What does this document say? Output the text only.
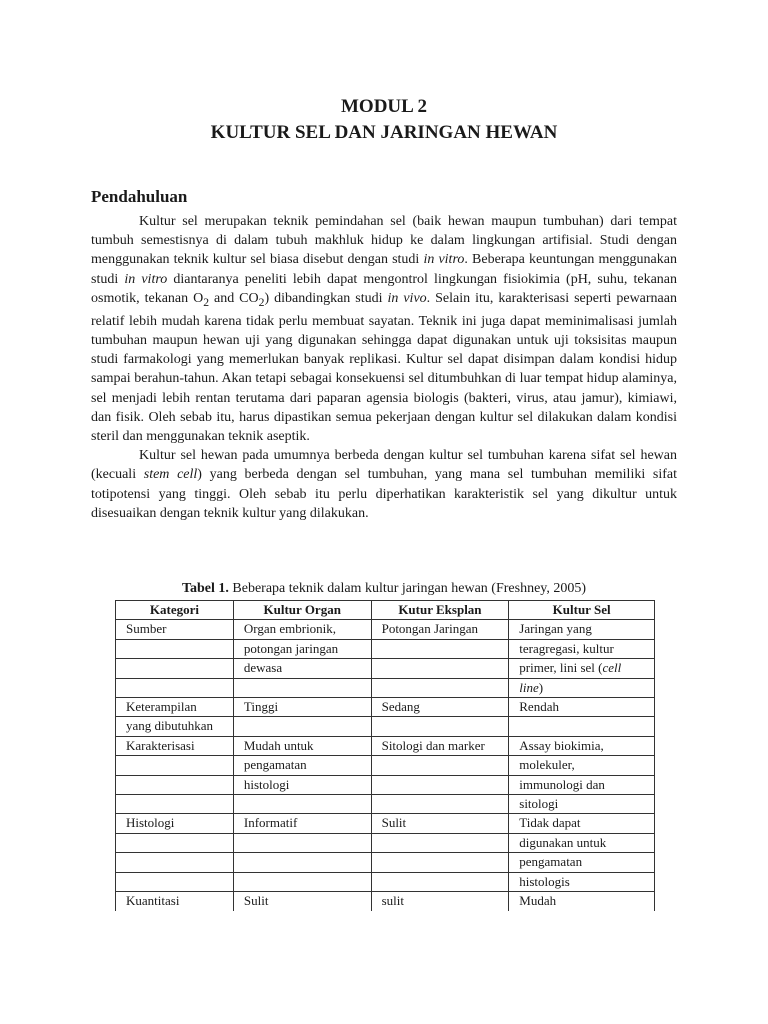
MODUL 2
KULTUR SEL DAN JARINGAN HEWAN
Pendahuluan

Kultur sel merupakan teknik pemindahan sel (baik hewan maupun tumbuhan) dari tempat tumbuh semestisnya di dalam tubuh makhluk hidup ke dalam lingkungan artifisial. Studi dengan menggunakan teknik kultur sel biasa disebut dengan studi in vitro. Beberapa keuntungan menggunakan studi in vitro diantaranya peneliti lebih dapat mengontrol lingkungan fisiokimia (pH, suhu, tekanan osmotik, tekanan $O_2$ and $CO_2$) dibandingkan studi in vivo. Selain itu, karakterisasi seperti pewarnaan relatif lebih mudah karena tidak perlu membuat sayatan. Teknik ini juga dapat meminimalisasi jumlah tumbuhan maupun hewan uji yang digunakan sehingga dapat digunakan untuk uji toksisitas maupun studi farmakologi yang memerlukan banyak replikasi. Kultur sel dapat disimpan dalam kondisi hidup sampai berahun-tahun. Akan tetapi sebagai konsekuensi sel ditumbuhkan di luar tempat hidup alaminya, sel menjadi lebih rentan terutama dari paparan agensia biologis (bakteri, virus, atau jamur), kimiawi, dan fisik. Oleh sebab itu, harus dipastikan semua pekerjaan dengan kultur sel dilakukan dalam kondisi steril dan menggunakan teknik aseptik.

Kultur sel hewan pada umumnya berbeda dengan kultur sel tumbuhan karena sifat sel hewan (kecuali stem cell) yang berbeda dengan sel tumbuhan, yang mana sel tumbuhan memiliki sifat totipotensi yang tinggi. Oleh sebab itu perlu diperhatikan karakteristik sel yang dikultur untuk disesuaikan dengan teknik kultur yang dilakukan.

Tabel 1. Beberapa teknik dalam kultur jaringan hewan (Freshney, 2005)
Kategori	Kultur Organ	Kutur Eksplan	Kultur Sel
Sumber	Organ embrionik,	Potongan Jaringan	Jaringan yang
	potongan jaringan		teragregasi, kultur
	dewasa		primer, lini sel (cell
			line)
Keterampilan	Tinggi	Sedang	Rendah
yang dibutuhkan			
Karakterisasi	Mudah untuk	Sitologi dan marker	Assay biokimia,
	pengamatan		molekuler,
	histologi		immunologi dan
			sitologi
Histologi	Informatif	Sulit	Tidak dapat
			digunakan untuk
			pengamatan
			histologis
Kuantitasi	Sulit	sulit	Mudah
